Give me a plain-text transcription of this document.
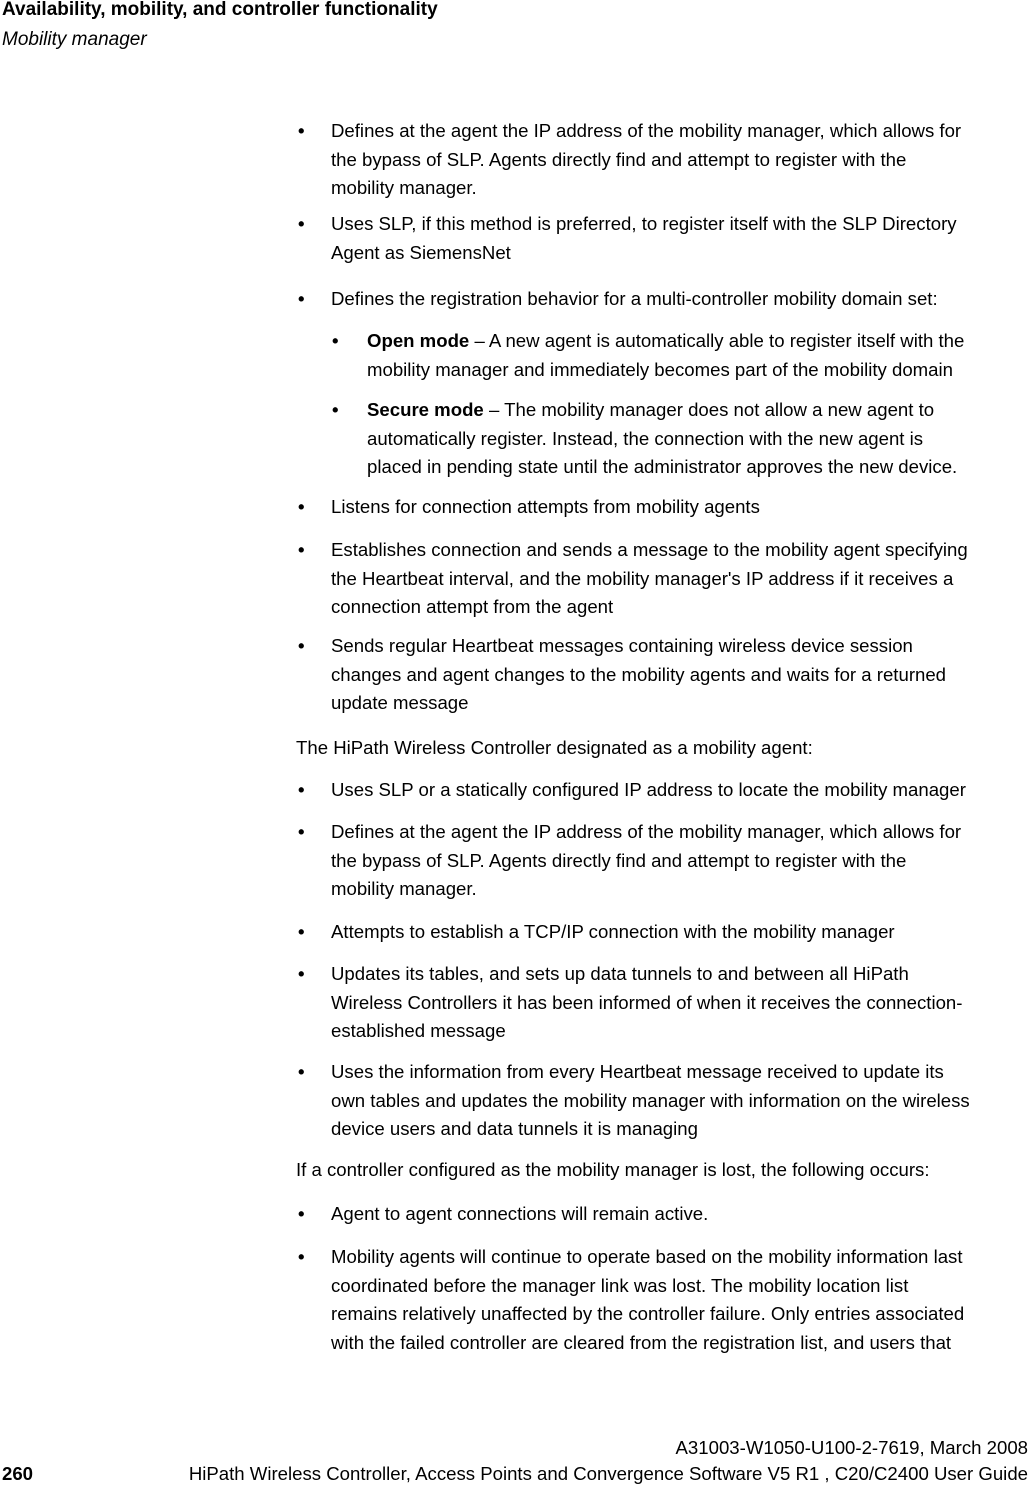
Availability, mobility, and controller functionality
Mobility manager
• Defines at the agent the IP address of the mobility manager, which allows for
the bypass of SLP. Agents directly find and attempt to register with the
mobility manager.
• Uses SLP, if this method is preferred, to register itself with the SLP Directory
Agent as SiemensNet
• Defines the registration behavior for a multi-controller mobility domain set:
• Open mode – A new agent is automatically able to register itself with the
mobility manager and immediately becomes part of the mobility domain
• Secure mode – The mobility manager does not allow a new agent to
automatically register. Instead, the connection with the new agent is
placed in pending state until the administrator approves the new device.
• Listens for connection attempts from mobility agents
• Establishes connection and sends a message to the mobility agent specifying
the Heartbeat interval, and the mobility manager's IP address if it receives a
connection attempt from the agent
• Sends regular Heartbeat messages containing wireless device session
changes and agent changes to the mobility agents and waits for a returned
update message
The HiPath Wireless Controller designated as a mobility agent:
• Uses SLP or a statically configured IP address to locate the mobility manager
• Defines at the agent the IP address of the mobility manager, which allows for
the bypass of SLP. Agents directly find and attempt to register with the
mobility manager.
• Attempts to establish a TCP/IP connection with the mobility manager
• Updates its tables, and sets up data tunnels to and between all HiPath
Wireless Controllers it has been informed of when it receives the connection-
established message
• Uses the information from every Heartbeat message received to update its
own tables and updates the mobility manager with information on the wireless
device users and data tunnels it is managing
If a controller configured as the mobility manager is lost, the following occurs:
• Agent to agent connections will remain active.
• Mobility agents will continue to operate based on the mobility information last
coordinated before the manager link was lost. The mobility location list
remains relatively unaffected by the controller failure. Only entries associated
with the failed controller are cleared from the registration list, and users that
A31003-W1050-U100-2-7619, March 2008
260	HiPath Wireless Controller, Access Points and Convergence Software V5 R1 , C20/C2400 User Guide
